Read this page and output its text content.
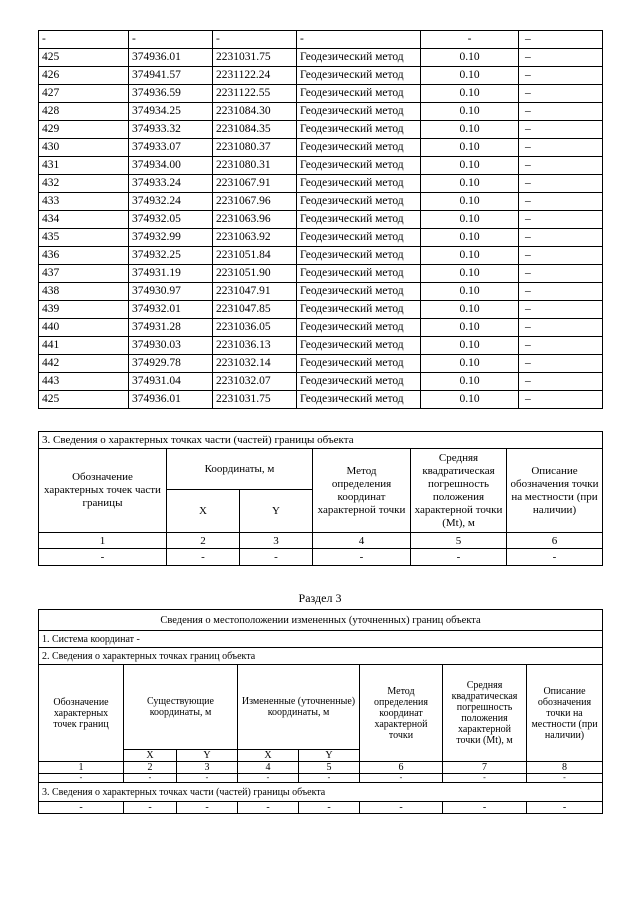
-	-	-	-	-	–
425	374936.01	2231031.75	Геодезический метод	0.10	–
426	374941.57	2231122.24	Геодезический метод	0.10	–
427	374936.59	2231122.55	Геодезический метод	0.10	–
428	374934.25	2231084.30	Геодезический метод	0.10	–
429	374933.32	2231084.35	Геодезический метод	0.10	–
430	374933.07	2231080.37	Геодезический метод	0.10	–
431	374934.00	2231080.31	Геодезический метод	0.10	–
432	374933.24	2231067.91	Геодезический метод	0.10	–
433	374932.24	2231067.96	Геодезический метод	0.10	–
434	374932.05	2231063.96	Геодезический метод	0.10	–
435	374932.99	2231063.92	Геодезический метод	0.10	–
436	374932.25	2231051.84	Геодезический метод	0.10	–
437	374931.19	2231051.90	Геодезический метод	0.10	–
438	374930.97	2231047.91	Геодезический метод	0.10	–
439	374932.01	2231047.85	Геодезический метод	0.10	–
440	374931.28	2231036.05	Геодезический метод	0.10	–
441	374930.03	2231036.13	Геодезический метод	0.10	–
442	374929.78	2231032.14	Геодезический метод	0.10	–
443	374931.04	2231032.07	Геодезический метод	0.10	–
425	374936.01	2231031.75	Геодезический метод	0.10	–
3. Сведения о характерных точках части (частей) границы объекта					
Обозначение характерных точек части границы	Координаты, м		Метод определения координат характерной точки	Средняя квадратическая погрешность положения характерной точки (Mt), м	Описание обозначения точки на местности (при наличии)
	X	Y			
1	2	3	4	5	6
-	-	-	-	-	-
Раздел 3
Сведения о местоположении измененных (уточненных) границ объекта							
1. Система координат -							
2. Сведения о характерных точках границ объекта							
Обозначение характерных точек границ	Существующие координаты, м		Измененные (уточненные) координаты, м		Метод определения координат характерной точки	Средняя квадратическая погрешность положения характерной точки (Mt), м	Описание обозначения точки на местности (при наличии)
	X	Y	X	Y			
1	2	3	4	5	6	7	8
-	-	-	-	-	-	-	-
3. Сведения о характерных точках части (частей) границы объекта							
-	-	-	-	-	-	-	-
